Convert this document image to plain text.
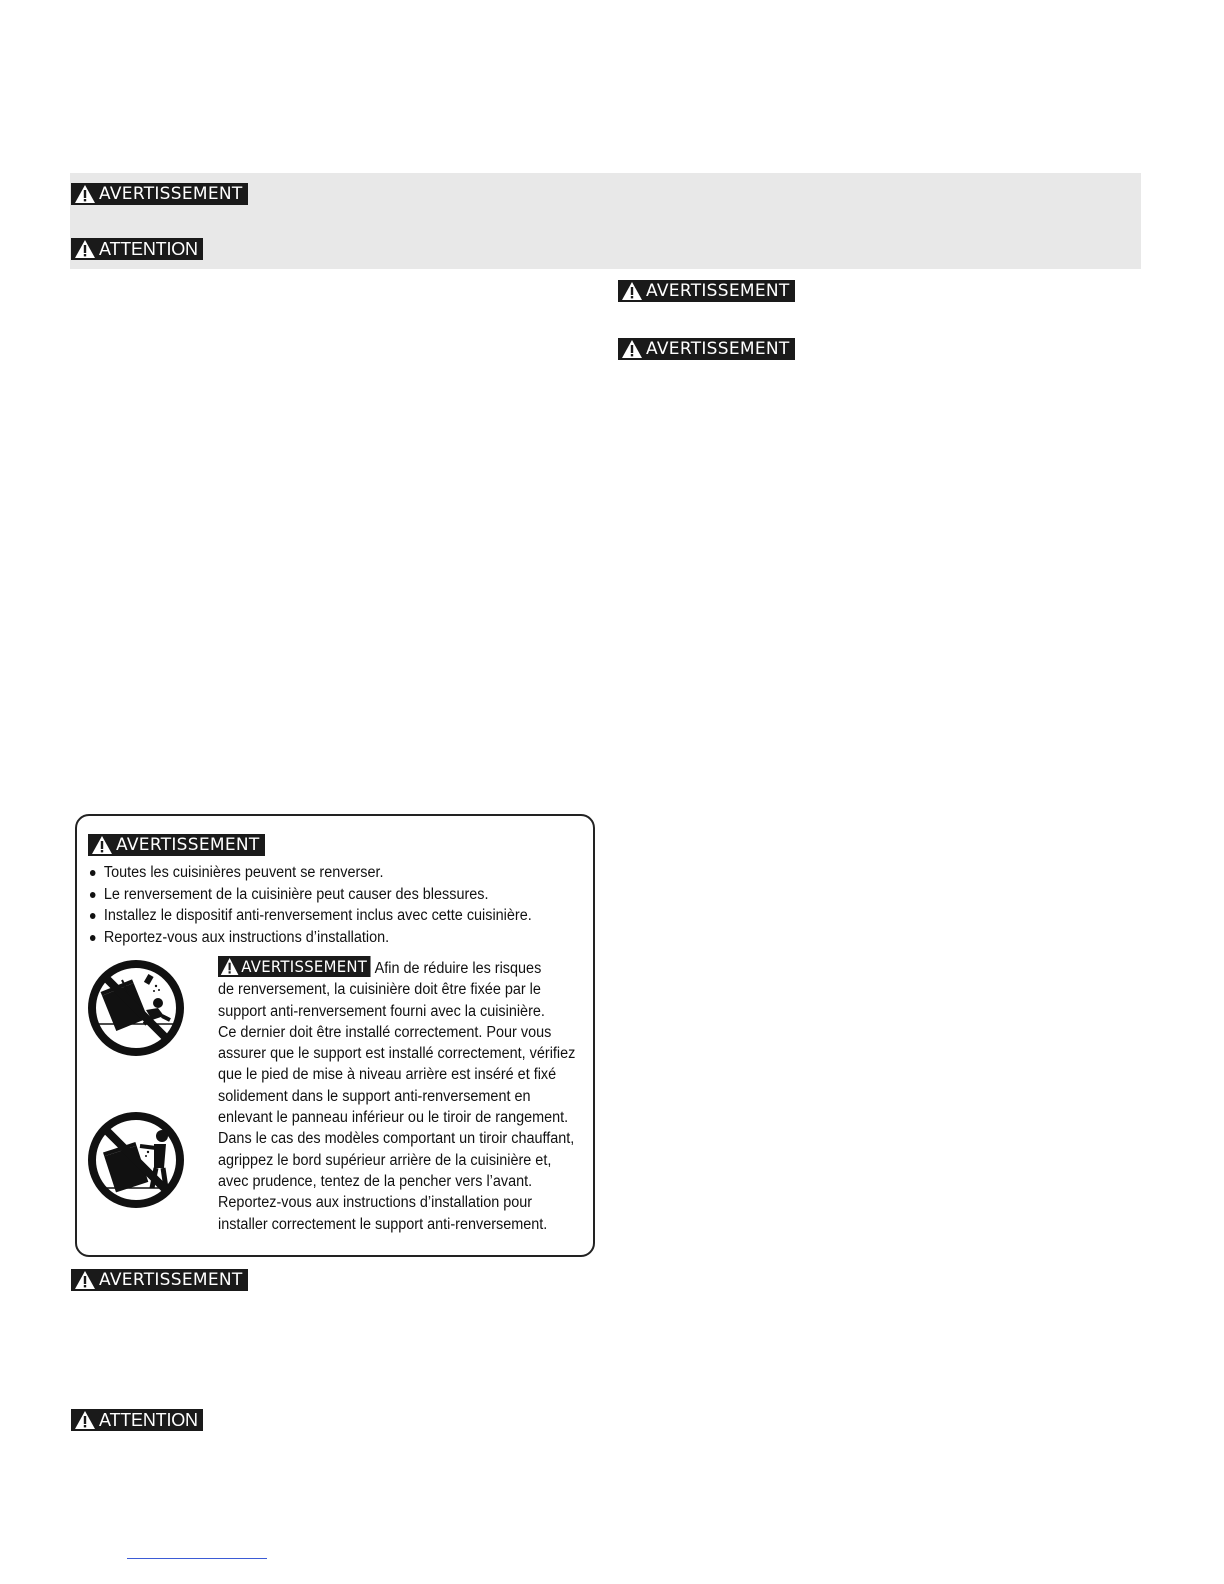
AVERTISSEMENT
ATTENTION
AVERTISSEMENT
AVERTISSEMENT
AVERTISSEMENT
Toutes les cuisinières peuvent se renverser.
Le renversement de la cuisinière peut causer des blessures.
Installez le dispositif anti-renversement inclus avec cette cuisinière.
Reportez-vous aux instructions d’installation.
AVERTISSEMENT Afin de réduire les risques
de renversement, la cuisinière doit être fixée par le
support anti-renversement fourni avec la cuisinière.
Ce dernier doit être installé correctement. Pour vous
assurer que le support est installé correctement, vérifiez
que le pied de mise à niveau arrière est inséré et fixé
solidement dans le support anti-renversement en
enlevant le panneau inférieur ou le tiroir de rangement.
Dans le cas des modèles comportant un tiroir chauffant,
agrippez le bord supérieur arrière de la cuisinière et,
avec prudence, tentez de la pencher vers l’avant.
Reportez-vous aux instructions d’installation pour
installer correctement le support anti-renversement.
AVERTISSEMENT
ATTENTION
